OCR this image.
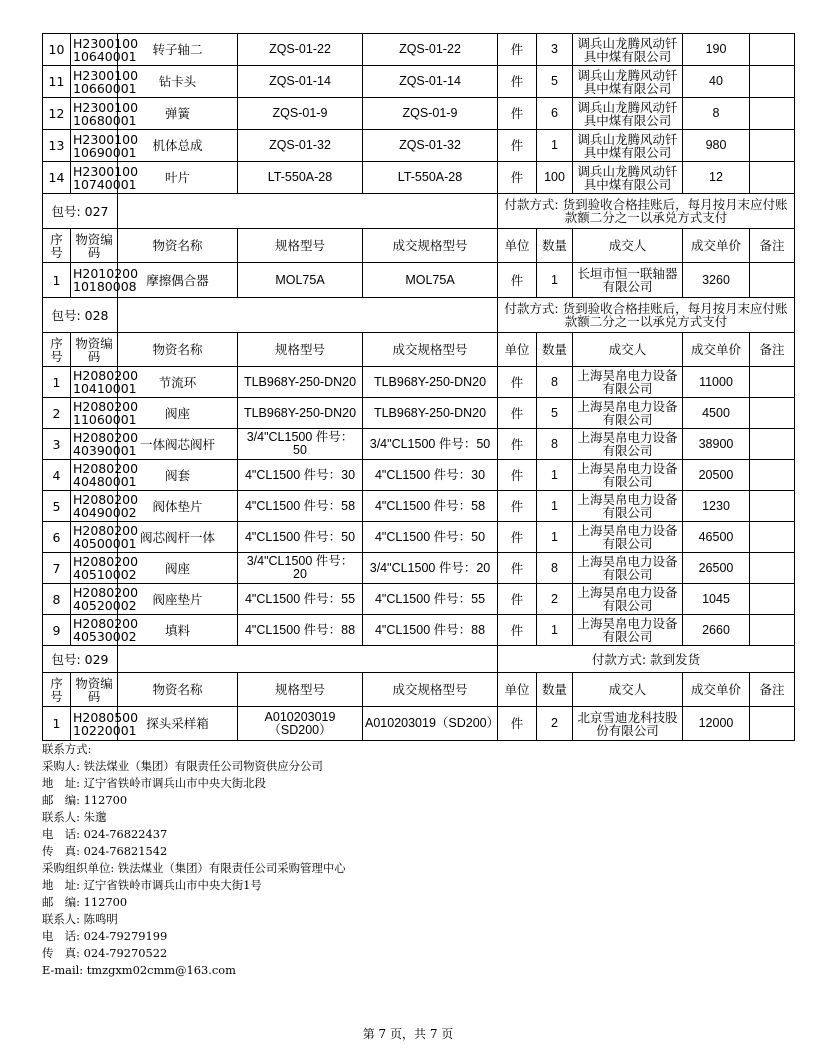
10	H2300100 10640001	转子轴二	ZQS-01-22	ZQS-01-22	件	3	调兵山龙腾风动钎具中煤有限公司	190	
11	H2300100 10660001	钻卡头	ZQS-01-14	ZQS-01-14	件	5	调兵山龙腾风动钎具中煤有限公司	40	
12	H2300100 10680001	弹簧	ZQS-01-9	ZQS-01-9	件	6	调兵山龙腾风动钎具中煤有限公司	8	
13	H2300100 10690001	机体总成	ZQS-01-32	ZQS-01-32	件	1	调兵山龙腾风动钎具中煤有限公司	980	
14	H2300100 10740001	叶片	LT-550A-28	LT-550A-28	件	100	调兵山龙腾风动钎具中煤有限公司	12	
包号: 027					付款方式: 货到验收合格挂账后，每月按月末应付账款额二分之一以承兑方式支付				
序号	物资编码	物资名称	规格型号	成交规格型号	单位	数量	成交人	成交单价	备注
1	H2010200 10180008	摩擦偶合器	MOL75A	MOL75A	件	1	长垣市恒一联轴器有限公司	3260	
包号: 028					付款方式: 货到验收合格挂账后，每月按月末应付账款额二分之一以承兑方式支付				
序号	物资编码	物资名称	规格型号	成交规格型号	单位	数量	成交人	成交单价	备注
1	H2080200 10410001	节流环	TLB968Y-250-DN20	TLB968Y-250-DN20	件	8	上海昊帛电力设备有限公司	11000	
2	H2080200 11060001	阀座	TLB968Y-250-DN20	TLB968Y-250-DN20	件	5	上海昊帛电力设备有限公司	4500	
3	H2080200 40390001	一体阀芯阀杆	3/4"CL1500 件号：50	3/4"CL1500 件号：50	件	8	上海昊帛电力设备有限公司	38900	
4	H2080200 40480001	阀套	4"CL1500 件号：30	4"CL1500 件号：30	件	1	上海昊帛电力设备有限公司	20500	
5	H2080200 40490002	阀体垫片	4"CL1500 件号：58	4"CL1500 件号：58	件	1	上海昊帛电力设备有限公司	1230	
6	H2080200 40500001	阀芯阀杆一体	4"CL1500 件号：50	4"CL1500 件号：50	件	1	上海昊帛电力设备有限公司	46500	
7	H2080200 40510002	阀座	3/4"CL1500 件号：20	3/4"CL1500 件号：20	件	8	上海昊帛电力设备有限公司	26500	
8	H2080200 40520002	阀座垫片	4"CL1500 件号：55	4"CL1500 件号：55	件	2	上海昊帛电力设备有限公司	1045	
9	H2080200 40530002	填料	4"CL1500 件号：88	4"CL1500 件号：88	件	1	上海昊帛电力设备有限公司	2660	
包号: 029					付款方式: 款到发货				
序号	物资编码	物资名称	规格型号	成交规格型号	单位	数量	成交人	成交单价	备注
1	H2080500 10220001	探头采样箱	A010203019（SD200）	A010203019（SD200）	件	2	北京雪迪龙科技股份有限公司	12000	
联系方式:
采购人: 铁法煤业（集团）有限责任公司物资供应分公司
地　址: 辽宁省铁岭市调兵山市中央大街北段
邮　编: 112700
联系人: 朱邈
电　话: 024-76822437
传　真: 024-76821542
采购组织单位: 铁法煤业（集团）有限责任公司采购管理中心
地　址: 辽宁省铁岭市调兵山市中央大街1号
邮　编: 112700
联系人: 陈鸣明
电　话: 024-79279199
传　真: 024-79270522
E-mail: tmzgxm02cmm@163.com
第 7 页，共 7 页
